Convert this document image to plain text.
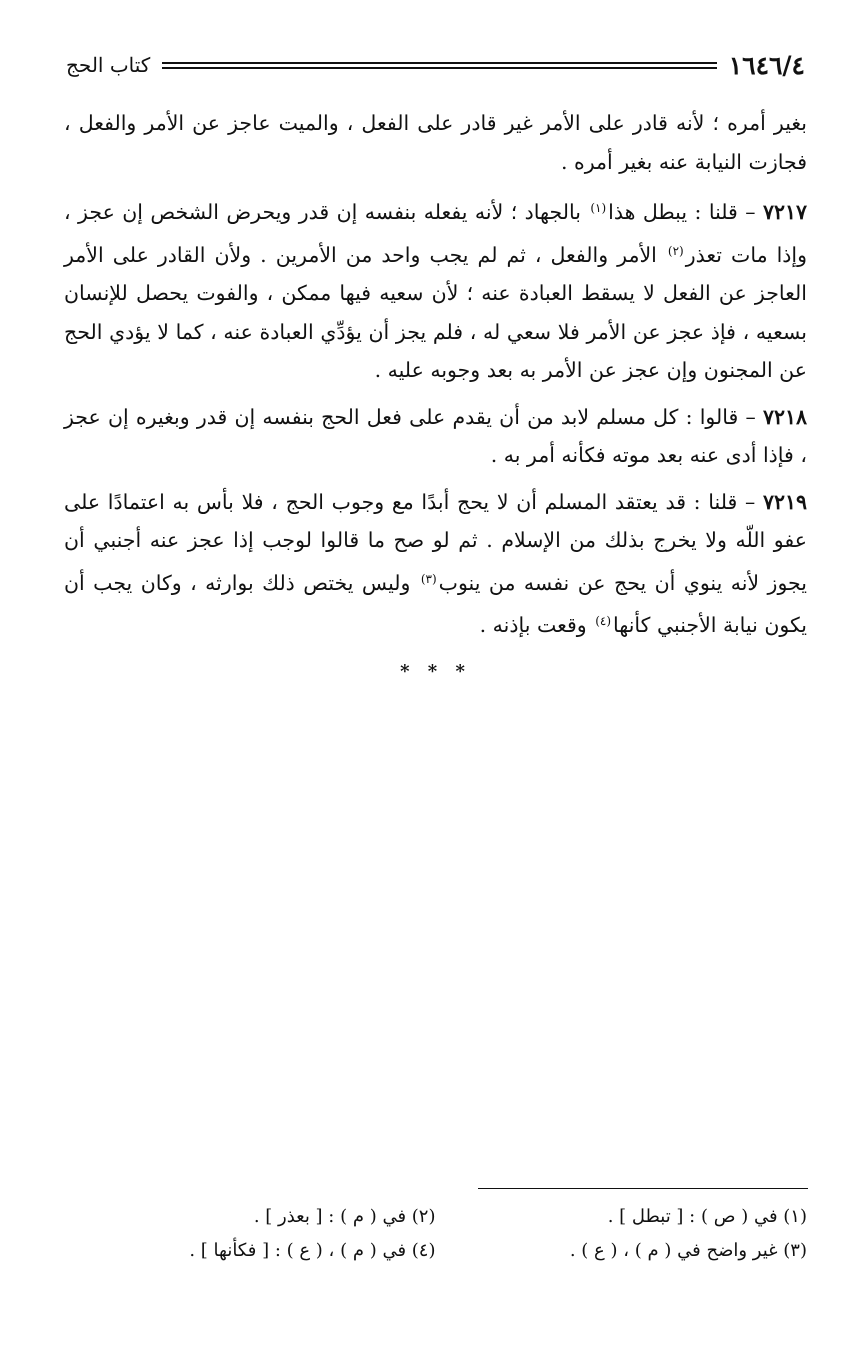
١٦٤٦/٤
كتاب الحج

بغير أمره ؛ لأنه قادر على الأمر غير قادر على الفعل ، والميت عاجز عن الأمر والفعل ، فجازت النيابة عنه بغير أمره .

٧٢١٧ – قلنا : يبطل هذا$^{(١)}$ بالجهاد ؛ لأنه يفعله بنفسه إن قدر ويحرض الشخص إن عجز ، وإذا مات تعذر$^{(٢)}$ الأمر والفعل ، ثم لم يجب واحد من الأمرين . ولأن القادر على الأمر العاجز عن الفعل لا يسقط العبادة عنه ؛ لأن سعيه فيها ممكن ، والفوت يحصل للإنسان بسعيه ، فإذ عجز عن الأمر فلا سعي له ، فلم يجز أن يؤدِّي العبادة عنه ، كما لا يؤدي الحج عن المجنون وإن عجز عن الأمر به بعد وجوبه عليه .

٧٢١٨ – قالوا : كل مسلم لابد من أن يقدم على فعل الحج بنفسه إن قدر وبغيره إن عجز ، فإذا أدى عنه بعد موته فكأنه أمر به .

٧٢١٩ – قلنا : قد يعتقد المسلم أن لا يحج أبدًا مع وجوب الحج ، فلا بأس به اعتمادًا على عفو اللّه ولا يخرج بذلك من الإسلام . ثم لو صح ما قالوا لوجب إذا عجز عنه أجنبي أن يجوز لأنه ينوي أن يحج عن نفسه من ينوب$^{(٣)}$ وليس يختص ذلك بوارثه ، وكان يجب أن يكون نيابة الأجنبي كأنها$^{(٤)}$ وقعت بإذنه .

* * *
(١) في ( ص ) : [ تبطل ] .
(٢) في ( م ) : [ بعذر ] .
(٣) غير واضح في ( م ) ، ( ع ) .
(٤) في ( م ) ، ( ع ) : [ فكأنها ] .
